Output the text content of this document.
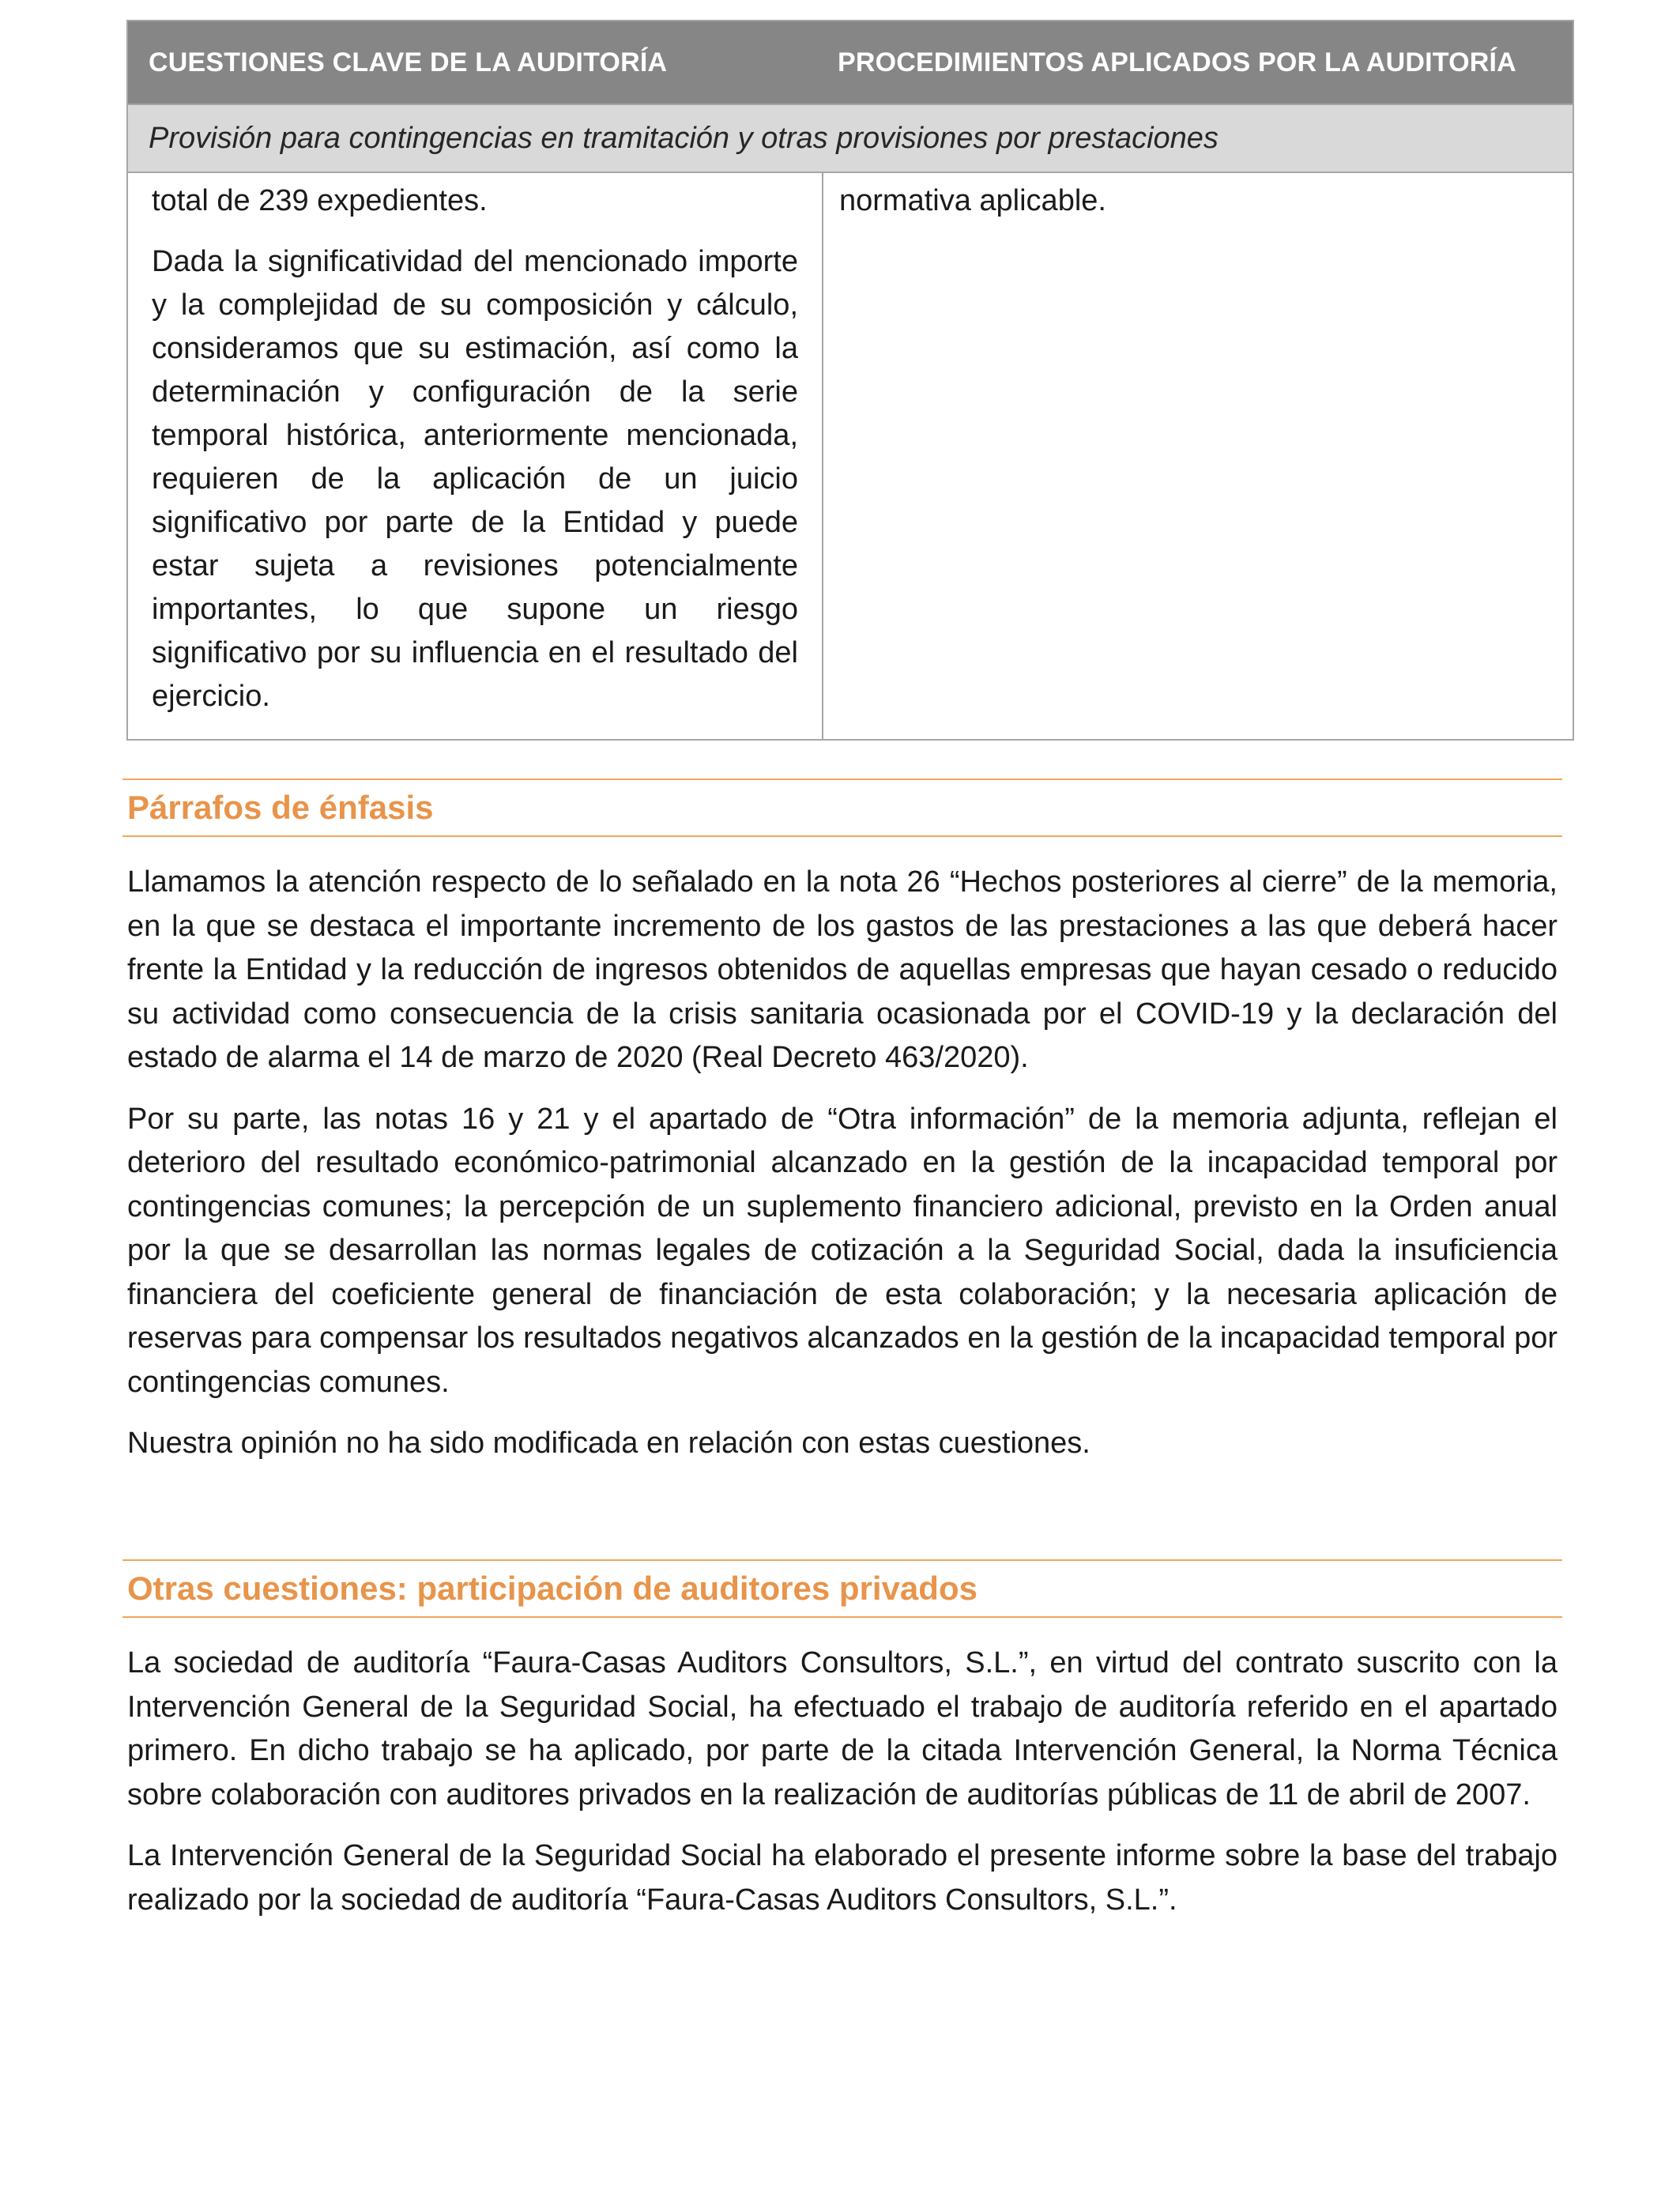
CUESTIONES CLAVE DE LA AUDITORÍA	PROCEDIMIENTOS APLICADOS POR LA AUDITORÍA
Provisión para contingencias en tramitación y otras provisiones por prestaciones

total de 239 expedientes.

Dada la significatividad del mencionado importe y la complejidad de su composición y cálculo, consideramos que su estimación, así como la determinación y configuración de la serie temporal histórica, anteriormente mencionada, requieren de la aplicación de un juicio significativo por parte de la Entidad y puede estar sujeta a revisiones potencialmente importantes, lo que supone un riesgo significativo por su influencia en el resultado del ejercicio.

normativa aplicable.

Párrafos de énfasis

Llamamos la atención respecto de lo señalado en la nota 26 “Hechos posteriores al cierre” de la memoria, en la que se destaca el importante incremento de los gastos de las prestaciones a las que deberá hacer frente la Entidad y la reducción de ingresos obtenidos de aquellas empresas que hayan cesado o reducido su actividad como consecuencia de la crisis sanitaria ocasionada por el COVID-19 y la declaración del estado de alarma el 14 de marzo de 2020 (Real Decreto 463/2020).

Por su parte, las notas 16 y 21 y el apartado de “Otra información” de la memoria adjunta, reflejan el deterioro del resultado económico-patrimonial alcanzado en la gestión de la incapacidad temporal por contingencias comunes; la percepción de un suplemento financiero adicional, previsto en la Orden anual por la que se desarrollan las normas legales de cotización a la Seguridad Social, dada la insuficiencia financiera del coeficiente general de financiación de esta colaboración; y la necesaria aplicación de reservas para compensar los resultados negativos alcanzados en la gestión de la incapacidad temporal por contingencias comunes.

Nuestra opinión no ha sido modificada en relación con estas cuestiones.

Otras cuestiones: participación de auditores privados

La sociedad de auditoría “Faura-Casas Auditors Consultors, S.L.”, en virtud del contrato suscrito con la Intervención General de la Seguridad Social, ha efectuado el trabajo de auditoría referido en el apartado primero. En dicho trabajo se ha aplicado, por parte de la citada Intervención General, la Norma Técnica sobre colaboración con auditores privados en la realización de auditorías públicas de 11 de abril de 2007.

La Intervención General de la Seguridad Social ha elaborado el presente informe sobre la base del trabajo realizado por la sociedad de auditoría “Faura-Casas Auditors Consultors, S.L.”.
